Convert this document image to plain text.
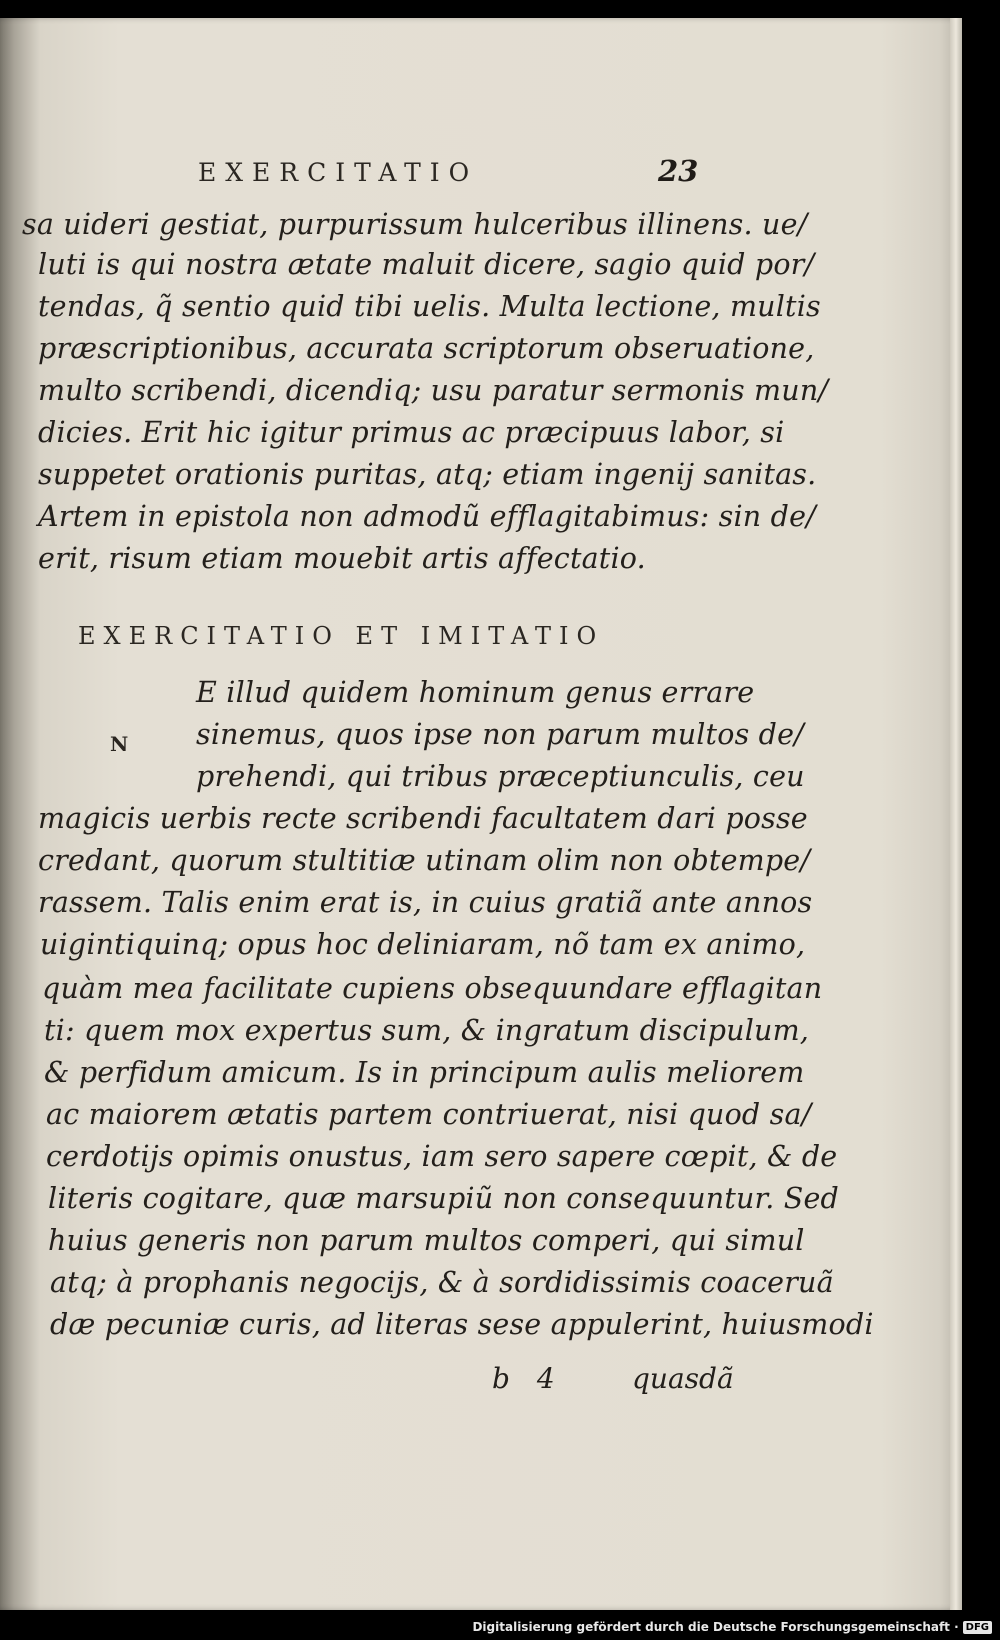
EXERCITATIO	23
sa uideri gestiat, purpurissum hulceribus illinens. ue/
luti is qui nostra ætate maluit dicere, sagio quid por/
tendas, q̃ sentio quid tibi uelis. Multa lectione, multis
præscriptionibus, accurata scriptorum obseruatione,
multo scribendi, dicendiq; usu paratur sermonis mun/
dicies. Erit hic igitur primus ac præcipuus labor, si
suppetet orationis puritas, atq; etiam ingenij sanitas.
Artem in epistola non admodũ efflagitabimus: sin de/
erit, risum etiam mouebit artis affectatio.
EXERCITATIO ET IMITATIO
N
E illud quidem hominum genus errare
sinemus, quos ipse non parum multos de/
prehendi, qui tribus præceptiunculis, ceu
magicis uerbis recte scribendi facultatem dari posse
credant, quorum stultitiæ utinam olim non obtempe/
rassem. Talis enim erat is, in cuius gratiã ante annos
uigintiquinq; opus hoc deliniaram, nõ tam ex animo,
quàm mea facilitate cupiens obsequundare efflagitan
ti: quem mox expertus sum, & ingratum discipulum,
& perfidum amicum. Is in principum aulis meliorem
ac maiorem ætatis partem contriuerat, nisi quod sa/
cerdotijs opimis onustus, iam sero sapere cœpit, & de
literis cogitare, quæ marsupiũ non consequuntur. Sed
huius generis non parum multos comperi, qui simul
atq; à prophanis negocijs, & à sordidissimis coaceruã
dæ pecuniæ curis, ad literas sese appulerint, huiusmodi
b 4	quasdã
Digitalisierung gefördert durch die Deutsche Forschungsgemeinschaft · DFG
